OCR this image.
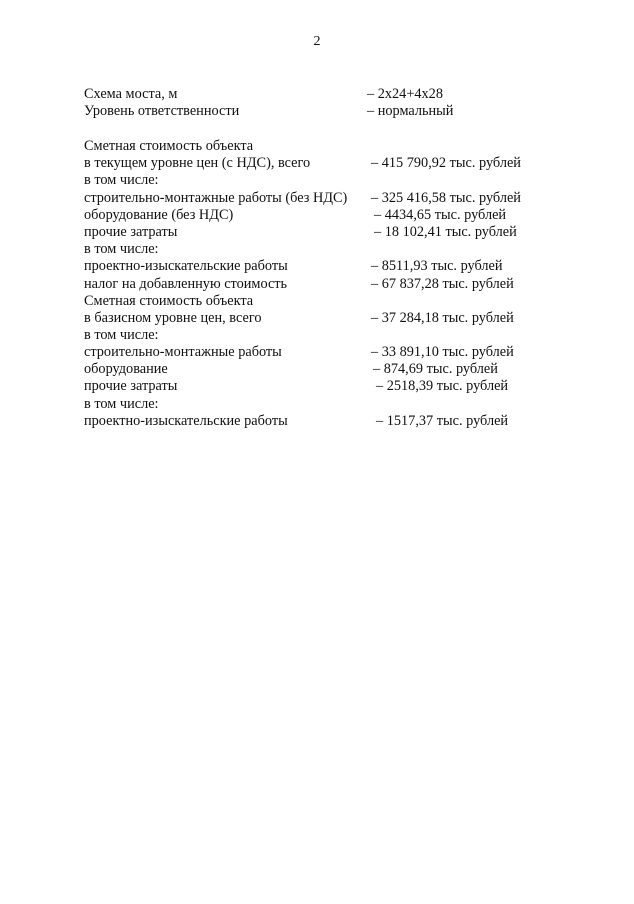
2
Схема моста, м	– 2х24+4х28
Уровень ответственности	– нормальный
Сметная стоимость объекта
в текущем уровне цен (с НДС), всего	– 415 790,92 тыс. рублей
в том числе:
строительно-монтажные работы (без НДС) – 325 416,58 тыс. рублей
оборудование (без НДС)	– 4434,65 тыс. рублей
прочие затраты	– 18 102,41 тыс. рублей
в том числе:
проектно-изыскательские работы	– 8511,93 тыс. рублей
налог на добавленную стоимость	– 67 837,28 тыс. рублей
Сметная стоимость объекта
в базисном уровне цен, всего	– 37 284,18 тыс. рублей
в том числе:
строительно-монтажные работы	– 33 891,10 тыс. рублей
оборудование	– 874,69 тыс. рублей
прочие затраты	– 2518,39 тыс. рублей
в том числе:
проектно-изыскательские работы	– 1517,37 тыс. рублей
